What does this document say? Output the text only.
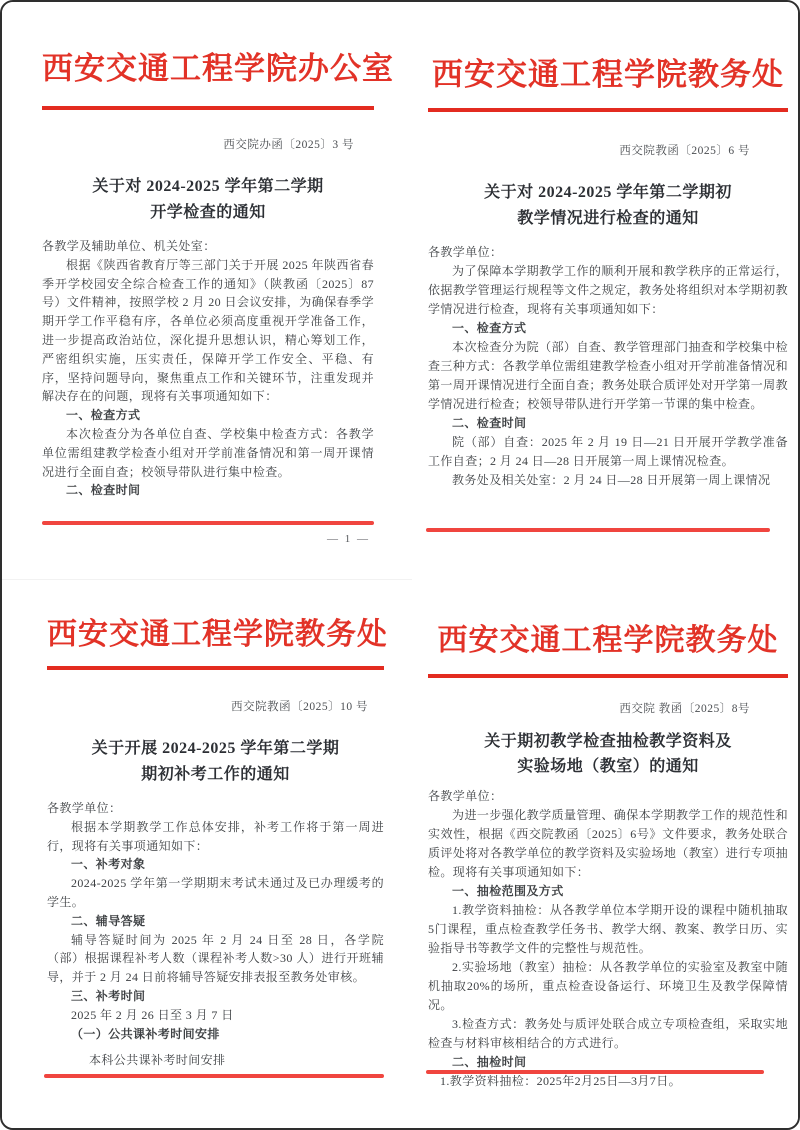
西安交通工程学院办公室
西交院办函〔2025〕3 号
关于对 2024-2025 学年第二学期
开学检查的通知

各教学及辅助单位、机关处室：

根据《陕西省教育厅等三部门关于开展 2025 年陕西省春季开学校园安全综合检查工作的通知》（陕教函〔2025〕87 号）文件精神，按照学校 2 月 20 日会议安排，为确保春季学期开学工作平稳有序，各单位必须高度重视开学准备工作，进一步提高政治站位，深化提升思想认识，精心筹划工作，严密组织实施，压实责任，保障开学工作安全、平稳、有序，坚持问题导向，聚焦重点工作和关键环节，注重发现并解决存在的问题，现将有关事项通知如下：

一、检查方式

本次检查分为各单位自查、学校集中检查方式：各教学单位需组建教学检查小组对开学前准备情况和第一周开课情况进行全面自查；校领导带队进行集中检查。

二、检查时间

— 1 —
西安交通工程学院教务处
西交院教函〔2025〕6 号
关于对 2024-2025 学年第二学期初
教学情况进行检查的通知

各教学单位：

为了保障本学期教学工作的顺利开展和教学秩序的正常运行，依据教学管理运行规程等文件之规定，教务处将组织对本学期初教学情况进行检查，现将有关事项通知如下：

一、检查方式

本次检查分为院（部）自查、教学管理部门抽查和学校集中检查三种方式：各教学单位需组建教学检查小组对开学前准备情况和第一周开课情况进行全面自查；教务处联合质评处对开学第一周教学情况进行检查；校领导带队进行开学第一节课的集中检查。

二、检查时间

院（部）自查：2025 年 2 月 19 日—21 日开展开学教学准备工作自查；2 月 24 日—28 日开展第一周上课情况检查。

教务处及相关处室：2 月 24 日—28 日开展第一周上课情况

西安交通工程学院教务处
西交院教函〔2025〕10 号
关于开展 2024-2025 学年第二学期
期初补考工作的通知

各教学单位：

根据本学期教学工作总体安排，补考工作将于第一周进行，现将有关事项通知如下：

一、补考对象

2024-2025 学年第一学期期末考试未通过及已办理缓考的学生。

二、辅导答疑

辅导答疑时间为 2025 年 2 月 24 日至 28 日，各学院（部）根据课程补考人数（课程补考人数>30 人）进行开班辅导，并于 2 月 24 日前将辅导答疑安排表报至教务处审核。

三、补考时间

2025 年 2 月 26 日至 3 月 7 日

（一）公共课补考时间安排

本科公共课补考时间安排

西安交通工程学院教务处
西交院 教函〔2025〕8号
关于期初教学检查抽检教学资料及
实验场地（教室）的通知

各教学单位：

为进一步强化教学质量管理、确保本学期教学工作的规范性和实效性，根据《西交院教函〔2025〕6号》文件要求，教务处联合质评处将对各教学单位的教学资料及实验场地（教室）进行专项抽检。现将有关事项通知如下：

一、抽检范围及方式

1.教学资料抽检：从各教学单位本学期开设的课程中随机抽取5门课程，重点检查教学任务书、教学大纲、教案、教学日历、实验指导书等教学文件的完整性与规范性。

2.实验场地（教室）抽检：从各教学单位的实验室及教室中随机抽取20%的场所，重点检查设备运行、环境卫生及教学保障情况。

3.检查方式：教务处与质评处联合成立专项检查组，采取实地检查与材料审核相结合的方式进行。

二、抽检时间

1.教学资料抽检：2025年2月25日—3月7日。
